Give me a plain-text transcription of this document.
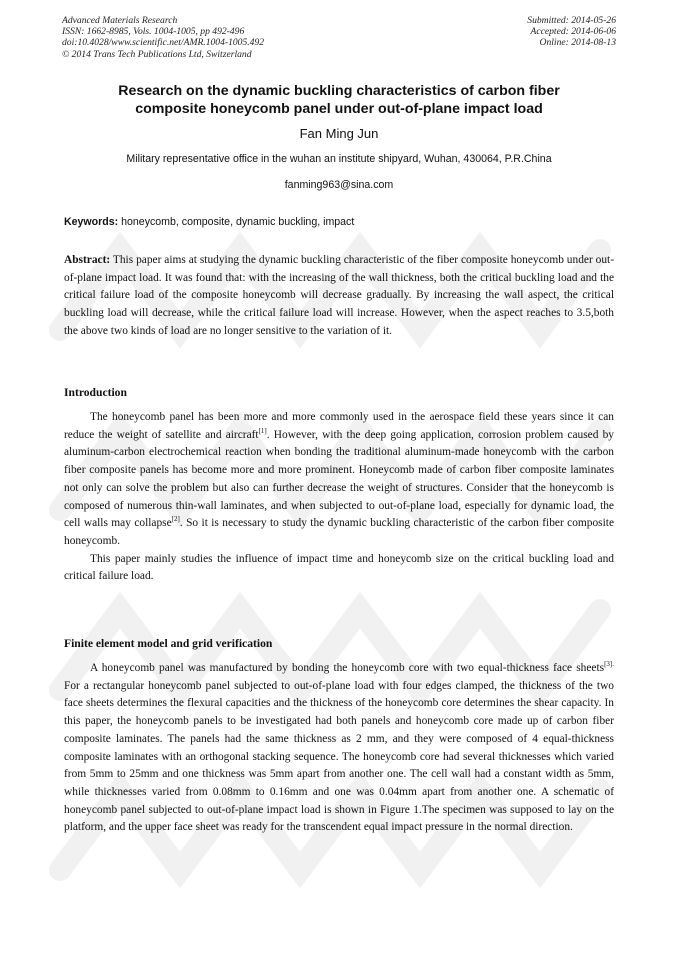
Advanced Materials Research
ISSN: 1662-8985, Vols. 1004-1005, pp 492-496
doi:10.4028/www.scientific.net/AMR.1004-1005.492
© 2014 Trans Tech Publications Ltd, Switzerland
Submitted: 2014-05-26
Accepted: 2014-06-06
Online: 2014-08-13
Research on the dynamic buckling characteristics of carbon fiber
composite honeycomb panel under out-of-plane impact load
Fan Ming Jun
Military representative office in the wuhan an institute shipyard, Wuhan, 430064, P.R.China
fanming963@sina.com
Keywords: honeycomb, composite, dynamic buckling, impact

Abstract: This paper aims at studying the dynamic buckling characteristic of the fiber composite honeycomb under out-of-plane impact load. It was found that: with the increasing of the wall thickness, both the critical buckling load and the critical failure load of the composite honeycomb will decrease gradually. By increasing the wall aspect, the critical buckling load will decrease, while the critical failure load will increase. However, when the aspect reaches to 3.5,both the above two kinds of load are no longer sensitive to the variation of it.

Introduction

The honeycomb panel has been more and more commonly used in the aerospace field these years since it can reduce the weight of satellite and aircraft[1]. However, with the deep going application, corrosion problem caused by aluminum-carbon electrochemical reaction when bonding the traditional aluminum-made honeycomb with the carbon fiber composite panels has become more and more prominent. Honeycomb made of carbon fiber composite laminates not only can solve the problem but also can further decrease the weight of structures. Consider that the honeycomb is composed of numerous thin-wall laminates, and when subjected to out-of-plane load, especially for dynamic load, the cell walls may collapse[2]. So it is necessary to study the dynamic buckling characteristic of the carbon fiber composite honeycomb.

This paper mainly studies the influence of impact time and honeycomb size on the critical buckling load and critical failure load.

Finite element model and grid verification

A honeycomb panel was manufactured by bonding the honeycomb core with two equal-thickness face sheets$^{[3].}$ For a rectangular honeycomb panel subjected to out-of-plane load with four edges clamped, the thickness of the two face sheets determines the flexural capacities and the thickness of the honeycomb core determines the shear capacity. In this paper, the honeycomb panels to be investigated had both panels and honeycomb core made up of carbon fiber composite laminates. The panels had the same thickness as 2 mm, and they were composed of 4 equal-thickness composite laminates with an orthogonal stacking sequence. The honeycomb core had several thicknesses which varied from 5mm to 25mm and one thickness was 5mm apart from another one. The cell wall had a constant width as 5mm, while thicknesses varied from 0.08mm to 0.16mm and one was 0.04mm apart from another one. A schematic of honeycomb panel subjected to out-of-plane impact load is shown in Figure 1.The specimen was supposed to lay on the platform, and the upper face sheet was ready for the transcendent equal impact pressure in the normal direction.
